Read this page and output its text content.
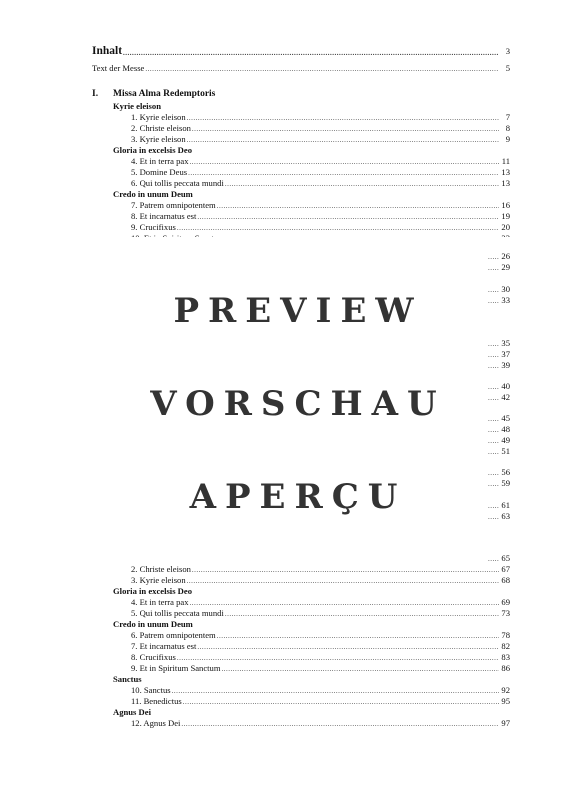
Inhalt .....	3
Text der Messe .....	5
I. Missa Alma Redemptoris
Kyrie eleison
1. Kyrie eleison .....	7
2. Christe eleison .....	8
3. Kyrie eleison .....	9
Gloria in excelsis Deo
4. Et in terra pax .....	11
5. Domine Deus .....	13
6. Qui tollis peccata mundi .....	13
Credo in unum Deum
7. Patrem omnipotentem .....	16
8. Et incarnatus est .....	19
9. Crucifixus .....	20
.....
..... 26
..... 29
..... 30
..... 33
..... 35
..... 37
..... 39
..... 40
..... 42
..... 45
..... 48
..... 49
..... 51
..... 56
..... 59
..... 61
..... 63
..... 65
PREVIEW
VORSCHAU
APERÇU
2. Christe eleison .....	67
3. Kyrie eleison .....	68
Gloria in excelsis Deo
4. Et in terra pax .....	69
5. Qui tollis peccata mundi .....	73
Credo in unum Deum
6. Patrem omnipotentem .....	78
7. Et incarnatus est .....	82
8. Crucifixus .....	83
9. Et in Spiritum Sanctum .....	86
Sanctus
10. Sanctus .....	92
11. Benedictus .....	95
Agnus Dei
12. Agnus Dei .....	97
